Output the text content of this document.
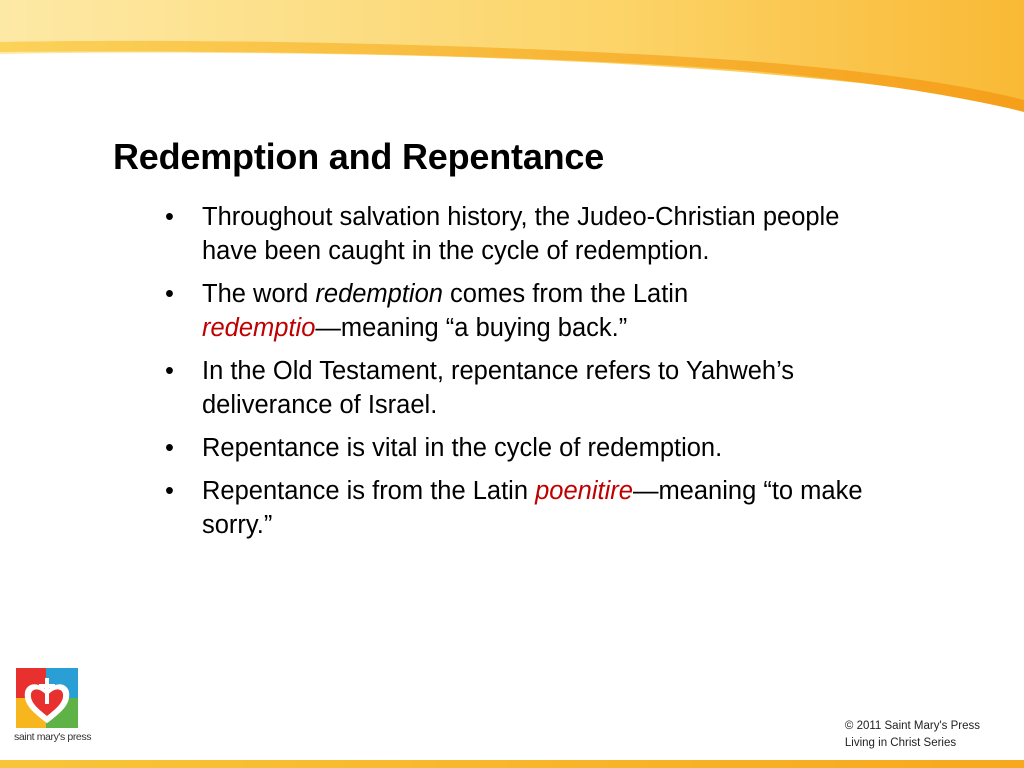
Redemption and Repentance
•	Throughout salvation history, the Judeo-Christian people have been caught in the cycle of redemption.
•	The word redemption comes from the Latin
redemptio—meaning “a buying back.”
•	In the Old Testament, repentance refers to Yahweh’s deliverance of Israel.
•	Repentance is vital in the cycle of redemption.
•	Repentance is from the Latin poenitire—meaning “to make sorry.”
saint mary's press
© 2011 Saint Mary's Press
Living in Christ Series
